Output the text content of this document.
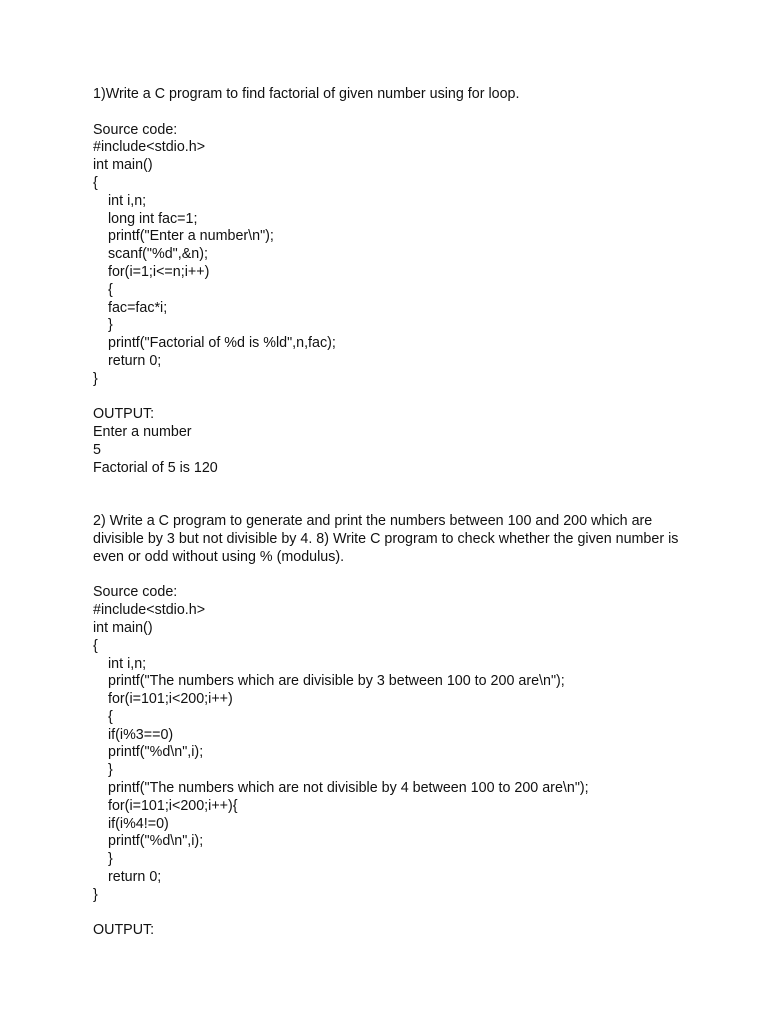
1)Write a C program to find factorial of given number using for loop.
Source code:
#include<stdio.h>
int main()
{
int i,n;
long int fac=1;
printf("Enter a number\n");
scanf("%d",&n);
for(i=1;i<=n;i++)
{
fac=fac*i;
}
printf("Factorial of %d is %ld",n,fac);
return 0;
}
OUTPUT:
Enter a number
5
Factorial of 5 is 120
2) Write a C program to generate and print the numbers between 100 and 200 which are
divisible by 3 but not divisible by 4. 8) Write C program to check whether the given number is
even or odd without using % (modulus).
Source code:
#include<stdio.h>
int main()
{
int i,n;
printf("The numbers which are divisible by 3 between 100 to 200 are\n");
for(i=101;i<200;i++)
{
if(i%3==0)
printf("%d\n",i);
}
printf("The numbers which are not divisible by 4 between 100 to 200 are\n");
for(i=101;i<200;i++){
if(i%4!=0)
printf("%d\n",i);
}
return 0;
}
OUTPUT:
